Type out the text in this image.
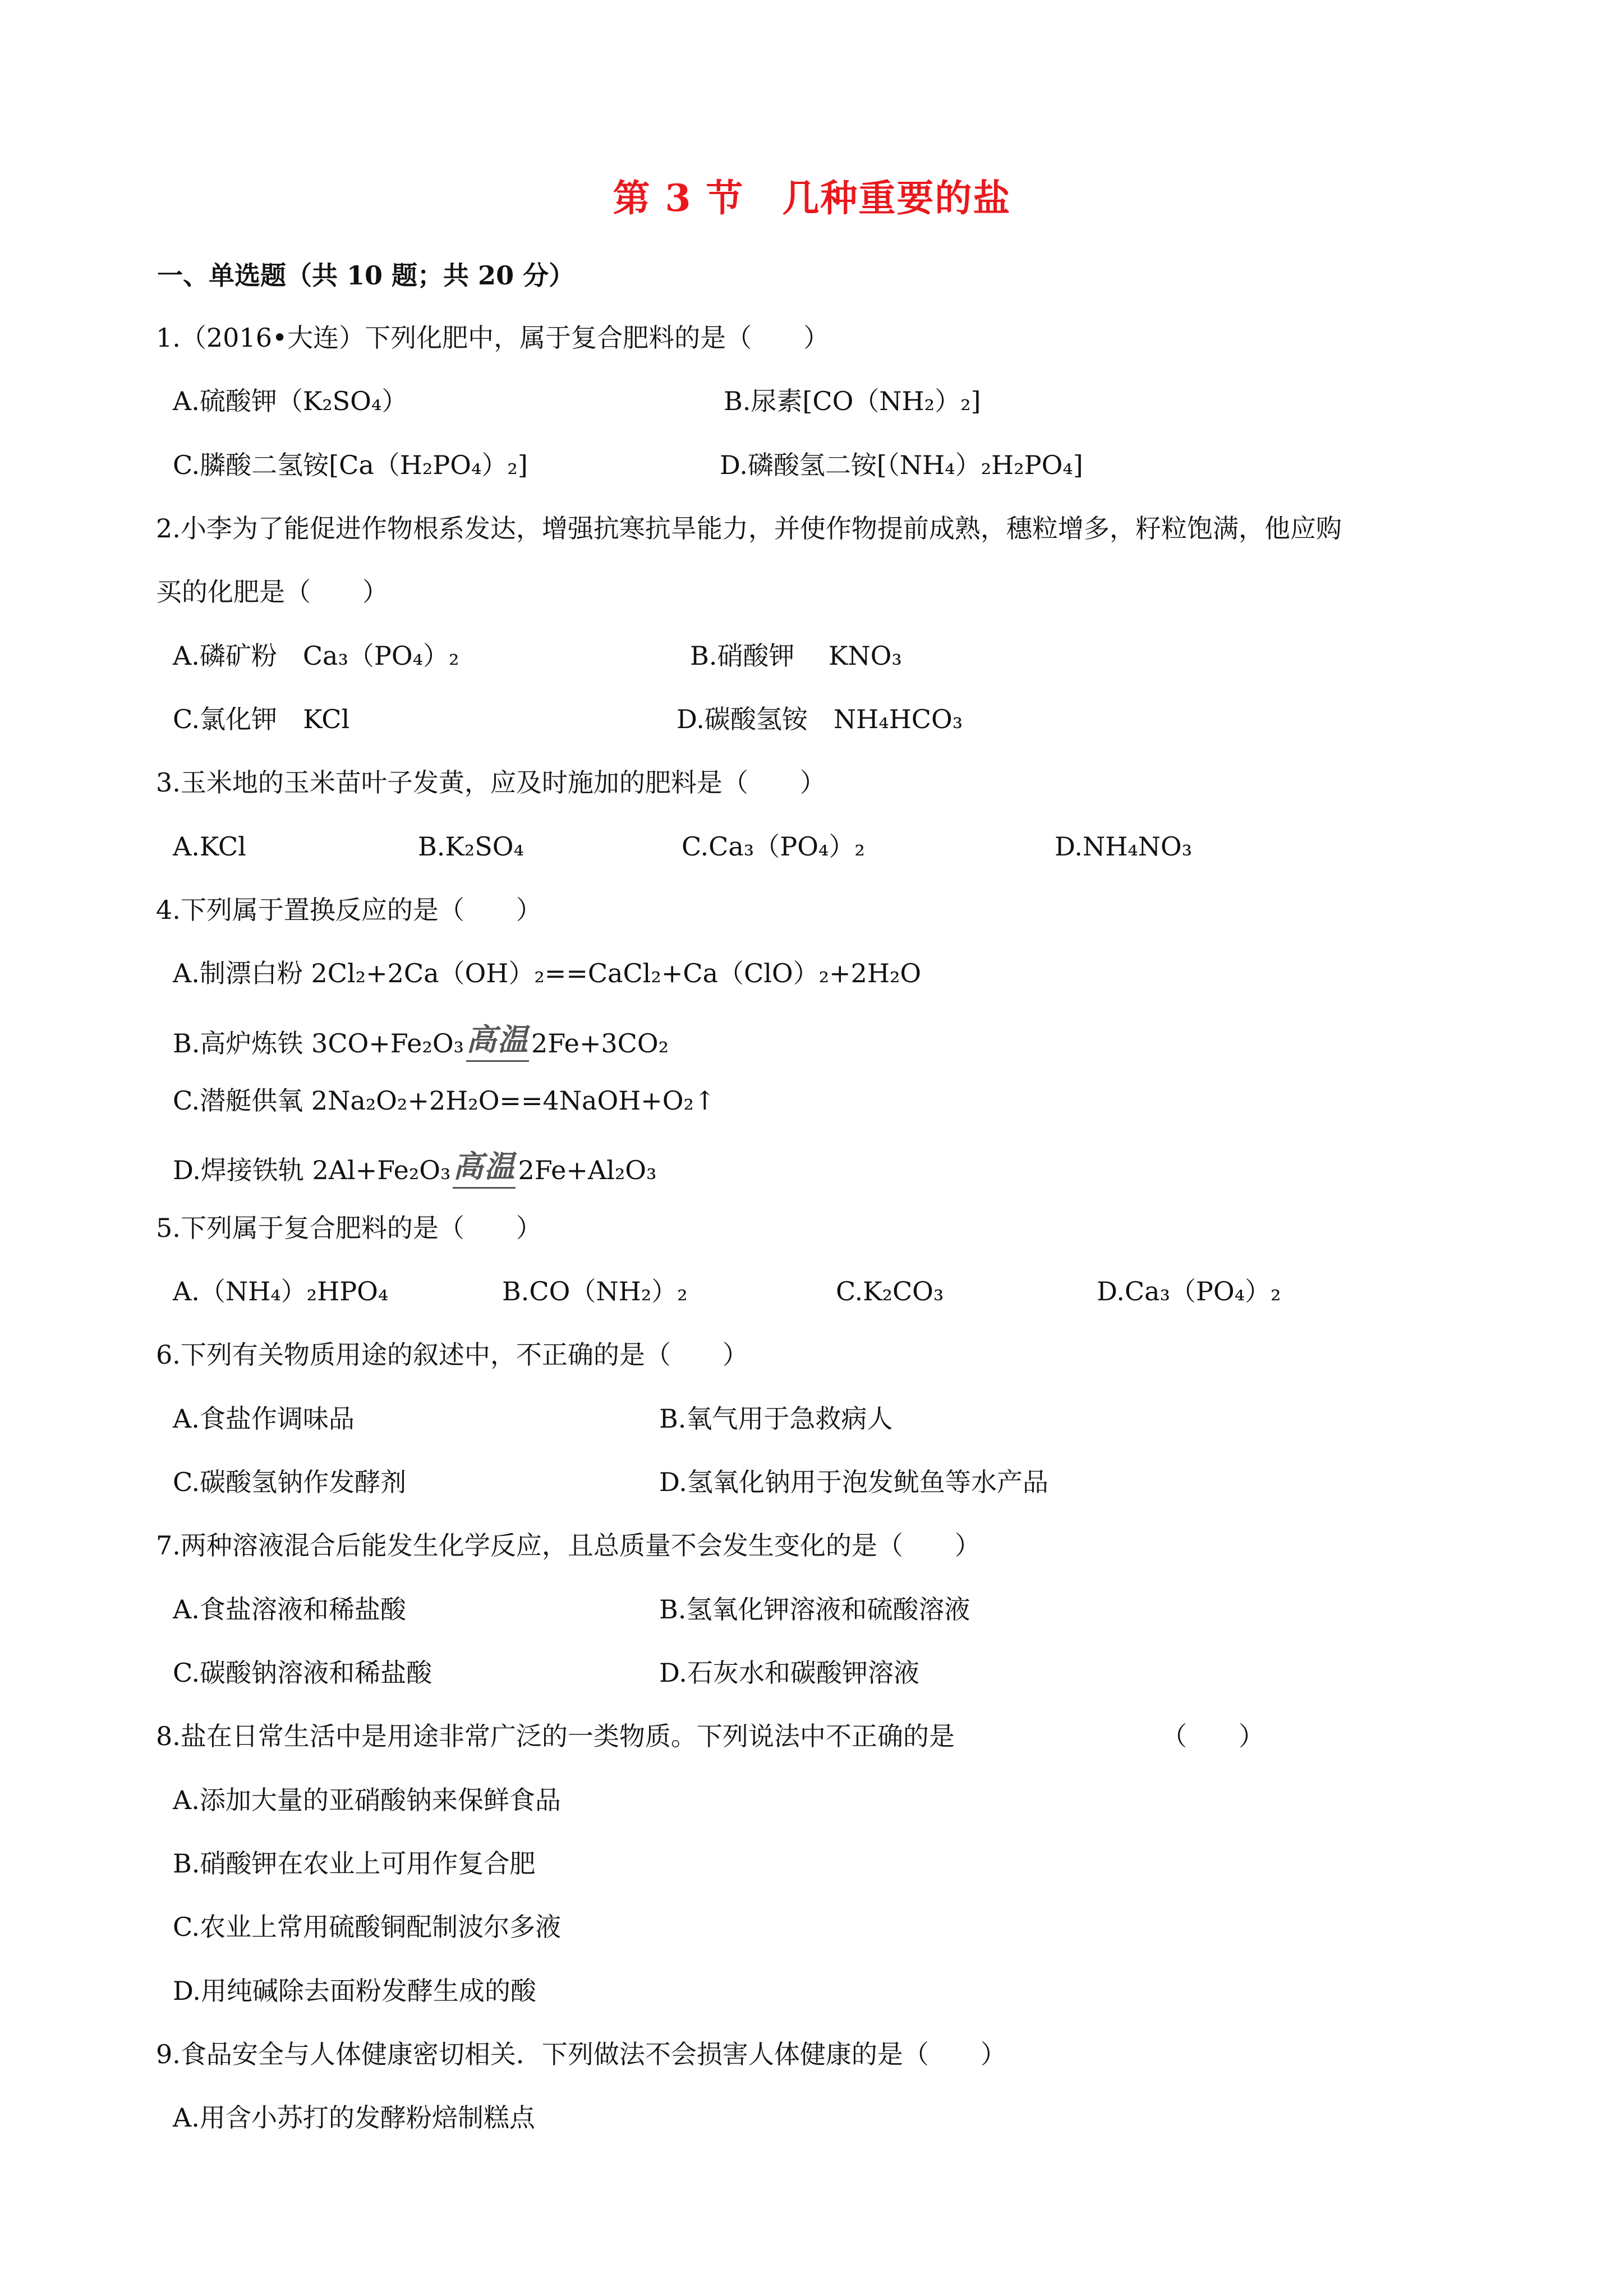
第 3 节　几种重要的盐
一、单选题（共 10 题；共 20 分）
1.（2016•大连）下列化肥中，属于复合肥料的是（　　）
A.硫酸钾（K₂SO₄）	B.尿素[CO（NH₂）₂]
C.膦酸二氢铵[Ca（H₂PO₄）₂]	D.磷酸氢二铵[（NH₄）₂H₂PO₄]
2.小李为了能促进作物根系发达，增强抗寒抗旱能力，并使作物提前成熟，穗粒增多，籽粒饱满，他应购
买的化肥是（　　）
A.磷矿粉　Ca₃（PO₄）₂	B.硝酸钾　 KNO₃
C.氯化钾　KCl	D.碳酸氢铵　NH₄HCO₃
3.玉米地的玉米苗叶子发黄，应及时施加的肥料是（　　）
A.KCl	B.K₂SO₄	C.Ca₃（PO₄）₂	D.NH₄NO₃
4.下列属于置换反应的是（　　）
A.制漂白粉 2Cl₂+2Ca（OH）₂==CaCl₂+Ca（ClO）₂+2H₂O
B.高炉炼铁 3CO+Fe₂O₃高温2Fe+3CO₂
C.潜艇供氧 2Na₂O₂+2H₂O==4NaOH+O₂↑
D.焊接铁轨 2Al+Fe₂O₃高温2Fe+Al₂O₃
5.下列属于复合肥料的是（　　）
A.（NH₄）₂HPO₄	B.CO（NH₂）₂	C.K₂CO₃	D.Ca₃（PO₄）₂
6.下列有关物质用途的叙述中，不正确的是（　　）
A.食盐作调味品	B.氧气用于急救病人
C.碳酸氢钠作发酵剂	D.氢氧化钠用于泡发鱿鱼等水产品
7.两种溶液混合后能发生化学反应，且总质量不会发生变化的是（　　）
A.食盐溶液和稀盐酸	B.氢氧化钾溶液和硫酸溶液
C.碳酸钠溶液和稀盐酸	D.石灰水和碳酸钾溶液
8.盐在日常生活中是用途非常广泛的一类物质。下列说法中不正确的是	（　　）
A.添加大量的亚硝酸钠来保鲜食品
B.硝酸钾在农业上可用作复合肥
C.农业上常用硫酸铜配制波尔多液
D.用纯碱除去面粉发酵生成的酸
9.食品安全与人体健康密切相关．下列做法不会损害人体健康的是（　　）
A.用含小苏打的发酵粉焙制糕点
